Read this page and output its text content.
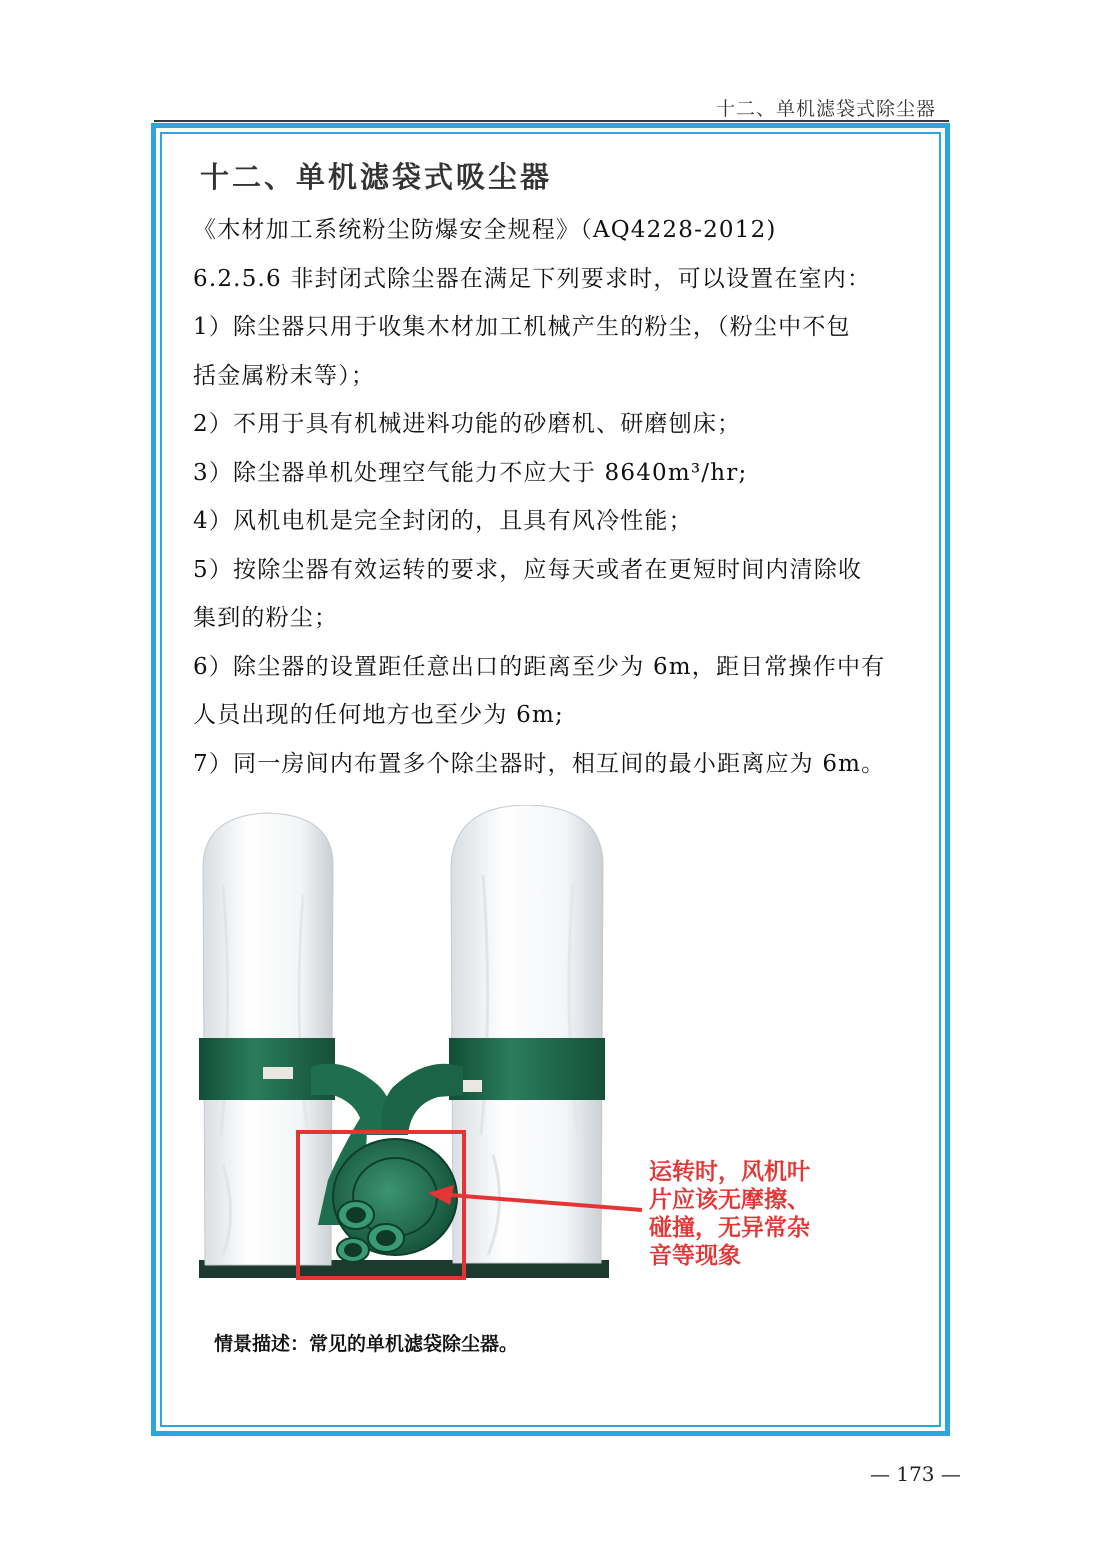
十二、单机滤袋式除尘器
十二、单机滤袋式吸尘器
《木材加工系统粉尘防爆安全规程》（AQ4228-2012)
6.2.5.6 非封闭式除尘器在满足下列要求时，可以设置在室内：
1）除尘器只用于收集木材加工机械产生的粉尘，（粉尘中不包
括金属粉末等）；
2）不用于具有机械进料功能的砂磨机、研磨刨床；
3）除尘器单机处理空气能力不应大于 8640m³/hr;
4）风机电机是完全封闭的，且具有风冷性能；
5）按除尘器有效运转的要求，应每天或者在更短时间内清除收
集到的粉尘；
6）除尘器的设置距任意出口的距离至少为 6m，距日常操作中有
人员出现的任何地方也至少为 6m;
7）同一房间内布置多个除尘器时，相互间的最小距离应为 6m。
运转时，风机叶
片应该无摩擦、
碰撞，无异常杂
音等现象
情景描述：常见的单机滤袋除尘器。
— 173 —
